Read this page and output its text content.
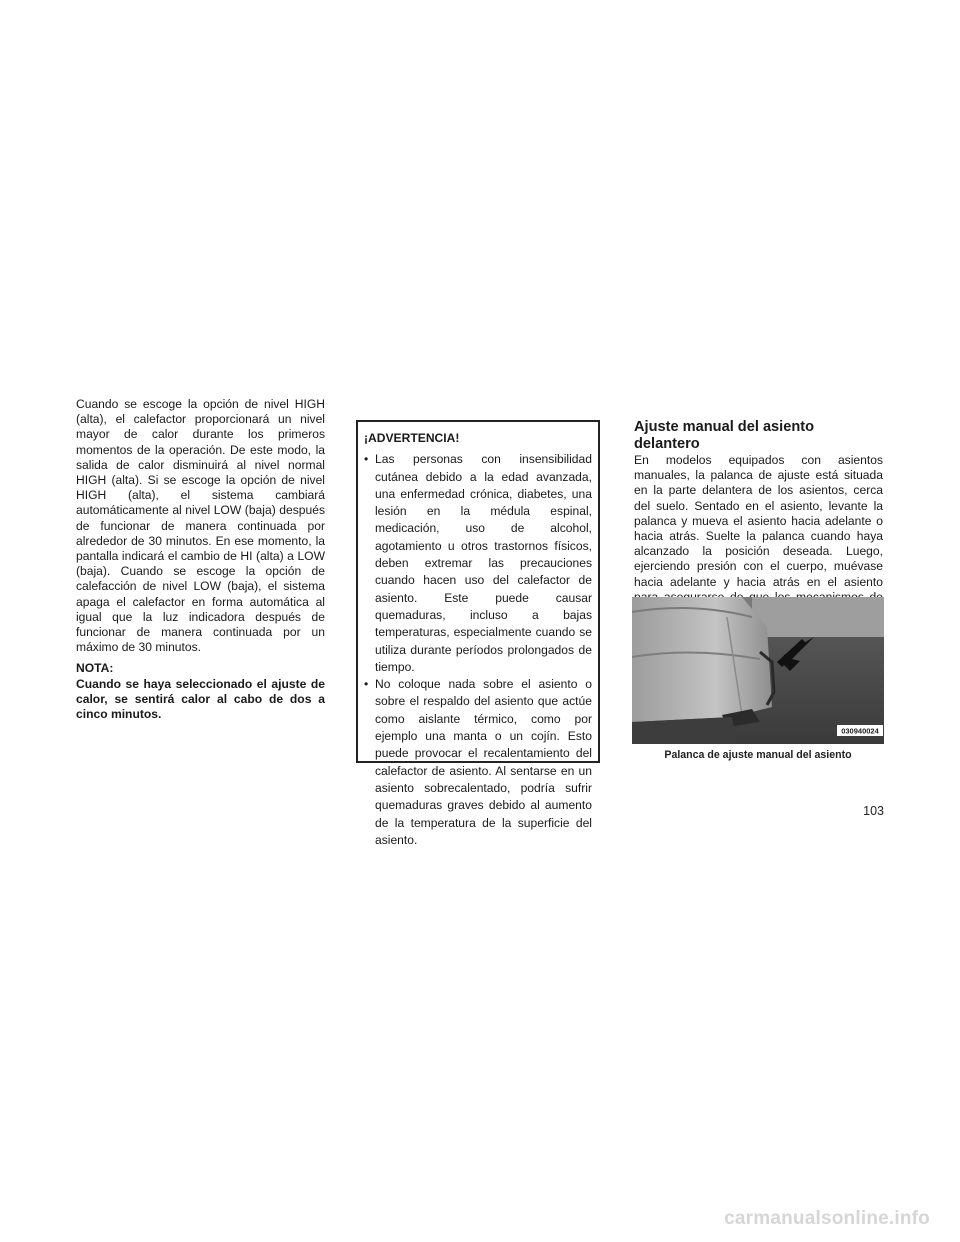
Cuando se escoge la opción de nivel HIGH (alta), el calefactor proporcionará un nivel mayor de calor durante los primeros momentos de la operación. De este modo, la salida de calor disminuirá al nivel normal HIGH (alta). Si se escoge la opción de nivel HIGH (alta), el sistema cambiará automáticamente al nivel LOW (baja) después de funcionar de manera continuada por alrededor de 30 minutos. En ese momento, la pantalla indicará el cambio de HI (alta) a LOW (baja). Cuando se escoge la opción de calefacción de nivel LOW (baja), el sistema apaga el calefactor en forma automática al igual que la luz indicadora después de funcionar de manera continuada por un máximo de 30 minutos.

NOTA:

Cuando se haya seleccionado el ajuste de calor, se sentirá calor al cabo de dos a cinco minutos.

¡ADVERTENCIA!
• Las personas con insensibilidad cutánea debido a la edad avanzada, una enfermedad crónica, diabetes, una lesión en la médula espinal, medicación, uso de alcohol, agotamiento u otros trastornos físicos, deben extremar las precauciones cuando hacen uso del calefactor de asiento. Este puede causar quemaduras, incluso a bajas temperaturas, especialmente cuando se utiliza durante períodos prolongados de tiempo.
• No coloque nada sobre el asiento o sobre el respaldo del asiento que actúe como aislante térmico, como por ejemplo una manta o un cojín. Esto puede provocar el recalentamiento del calefactor de asiento. Al sentarse en un asiento sobrecalentado, podría sufrir quemaduras graves debido al aumento de la temperatura de la superficie del asiento.
Ajuste manual del asiento delantero

En modelos equipados con asientos manuales, la palanca de ajuste está situada en la parte delantera de los asientos, cerca del suelo. Sentado en el asiento, levante la palanca y mueva el asiento hacia adelante o hacia atrás. Suelte la palanca cuando haya alcanzado la posición deseada. Luego, ejerciendo presión con el cuerpo, muévase hacia adelante y hacia atrás en el asiento

030940024
Palanca de ajuste manual del asiento
103
carmanualsonline.info
